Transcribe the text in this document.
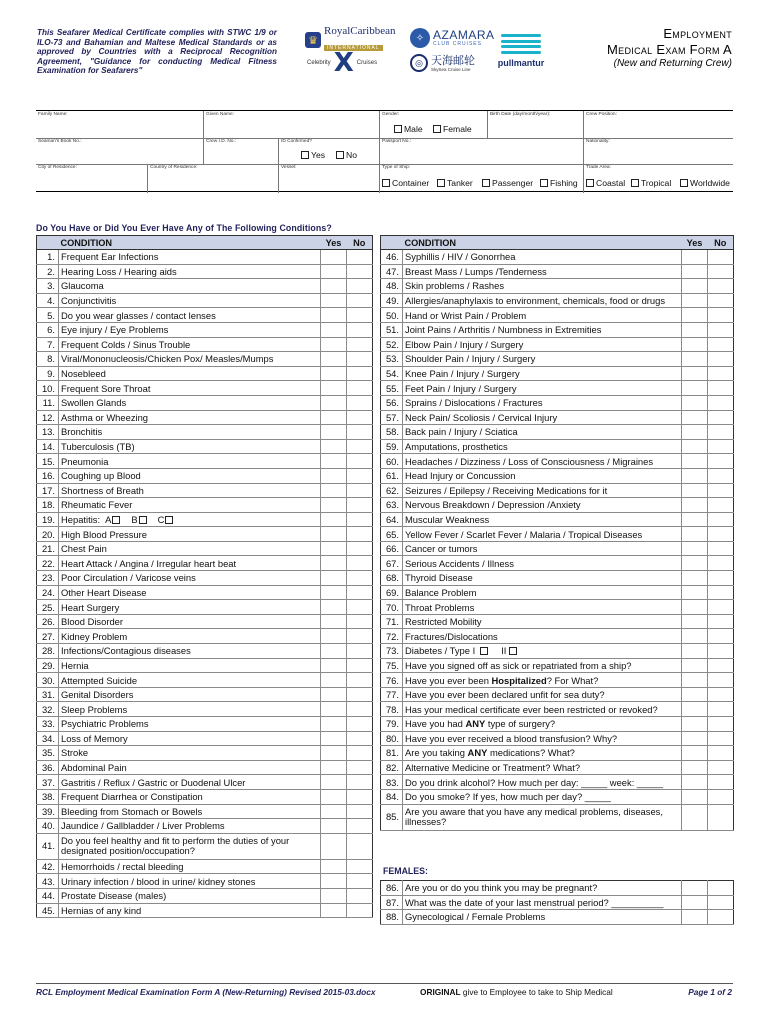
This Seafarer Medical Certificate complies with STWC 1/9 or ILO-73 and Bahamian and Maltese Medical Standards or as approved by Countries with a Reciprocal Recognition Agreement, "Guidance for conducting Medical Fitness Examination for Seafarers"
♛
RoyalCaribbean
INTERNATIONAL
Celebrity X Cruises
✧ AZAMARA
CLUB CRUISES
◎ 天海邮轮
SkySea Cruise Line
pullmantur
Employment
Medical Exam Form A
(New and Returning Crew)
Family Name:	Given Name:	Gender:
Male Female
Birth Date (day/month/year):	Crew Position:
Seaman's Book No.:	Crew I.D. No.:	ID Confirmed?
Yes No
Passport No.:	Nationality:
City of Residence:	Country of Residence:	Vessel:	Type of Ship:
Container Tanker Passenger Fishing
Trade Area:
Coastal Tropical Worldwide
Do You Have or Did You Ever Have Any of The Following Conditions?
	CONDITION	Yes	No
1.	Frequent Ear Infections		
2.	Hearing Loss / Hearing aids		
3.	Glaucoma		
4.	Conjunctivitis		
5.	Do you wear glasses / contact lenses		
6.	Eye injury / Eye Problems		
7.	Frequent Colds / Sinus Trouble		
8.	Viral/Mononucleosis/Chicken Pox/ Measles/Mumps		
9.	Nosebleed		
10.	Frequent Sore Throat		
11.	Swollen Glands		
12.	Asthma or Wheezing		
13.	Bronchitis		
14.	Tuberculosis (TB)		
15.	Pneumonia		
16.	Coughing up Blood		
17.	Shortness of Breath		
18.	Rheumatic Fever		
19.	Hepatitis: A B C		
20.	High Blood Pressure		
21.	Chest Pain		
22.	Heart Attack / Angina / Irregular heart beat		
23.	Poor Circulation / Varicose veins		
24.	Other Heart Disease		
25.	Heart Surgery		
26.	Blood Disorder		
27.	Kidney Problem		
28.	Infections/Contagious diseases		
29.	Hernia		
30.	Attempted Suicide		
31.	Genital Disorders		
32.	Sleep Problems		
33.	Psychiatric Problems		
34.	Loss of Memory		
35.	Stroke		
36.	Abdominal Pain		
37.	Gastritis / Reflux / Gastric or Duodenal Ulcer		
38.	Frequent Diarrhea or Constipation		
39.	Bleeding from Stomach or Bowels		
40.	Jaundice / Gallbladder / Liver Problems		
41.	Do you feel healthy and fit to perform the duties of your designated position/occupation?		
42.	Hemorrhoids / rectal bleeding		
43.	Urinary infection / blood in urine/ kidney stones		
44.	Prostate Disease (males)		
45.	Hernias of any kind		
	CONDITION	Yes	No
46.	Syphillis / HIV / Gonorrhea		
47.	Breast Mass / Lumps /Tenderness		
48.	Skin problems / Rashes		
49.	Allergies/anaphylaxis to environment, chemicals, food or drugs		
50.	Hand or Wrist Pain / Problem		
51.	Joint Pains / Arthritis / Numbness in Extremities		
52.	Elbow Pain / Injury / Surgery		
53.	Shoulder Pain / Injury / Surgery		
54.	Knee Pain / Injury / Surgery		
55.	Feet Pain / Injury / Surgery		
56.	Sprains / Dislocations / Fractures		
57.	Neck Pain/ Scoliosis / Cervical Injury		
58.	Back pain / Injury / Sciatica		
59.	Amputations, prosthetics		
60.	Headaches / Dizziness / Loss of Consciousness / Migraines		
61.	Head Injury or Concussion		
62.	Seizures / Epilepsy / Receiving Medications for it		
63.	Nervous Breakdown / Depression /Anxiety		
64.	Muscular Weakness		
65.	Yellow Fever / Scarlet Fever / Malaria / Tropical Diseases		
66.	Cancer or tumors		
67.	Serious Accidents / Illness		
68.	Thyroid Disease		
69.	Balance Problem		
70.	Throat Problems		
71.	Restricted Mobility		
72.	Fractures/Dislocations		
73.	Diabetes / Type I II		
75.	Have you signed off as sick or repatriated from a ship?		
76.	Have you ever been Hospitalized? For What?		
77.	Have you ever been declared unfit for sea duty?		
78.	Has your medical certificate ever been restricted or revoked?		
79.	Have you had ANY type of surgery?		
80.	Have you ever received a blood transfusion? Why?		
81.	Are you taking ANY medications? What?		
82.	Alternative Medicine or Treatment? What?		
83.	Do you drink alcohol? How much per day: _____ week: _____		
84.	Do you smoke? If yes, how much per day? _____		
85.	Are you aware that you have any medical problems, diseases, illnesses?		
FEMALES:
86.	Are you or do you think you may be pregnant?		
87.	What was the date of your last menstrual period? __________		
88.	Gynecological / Female Problems		
RCL Employment Medical Examination Form A (New-Returning) Revised 2015-03.docx	ORIGINAL give to Employee to take to Ship Medical	Page 1 of 2
